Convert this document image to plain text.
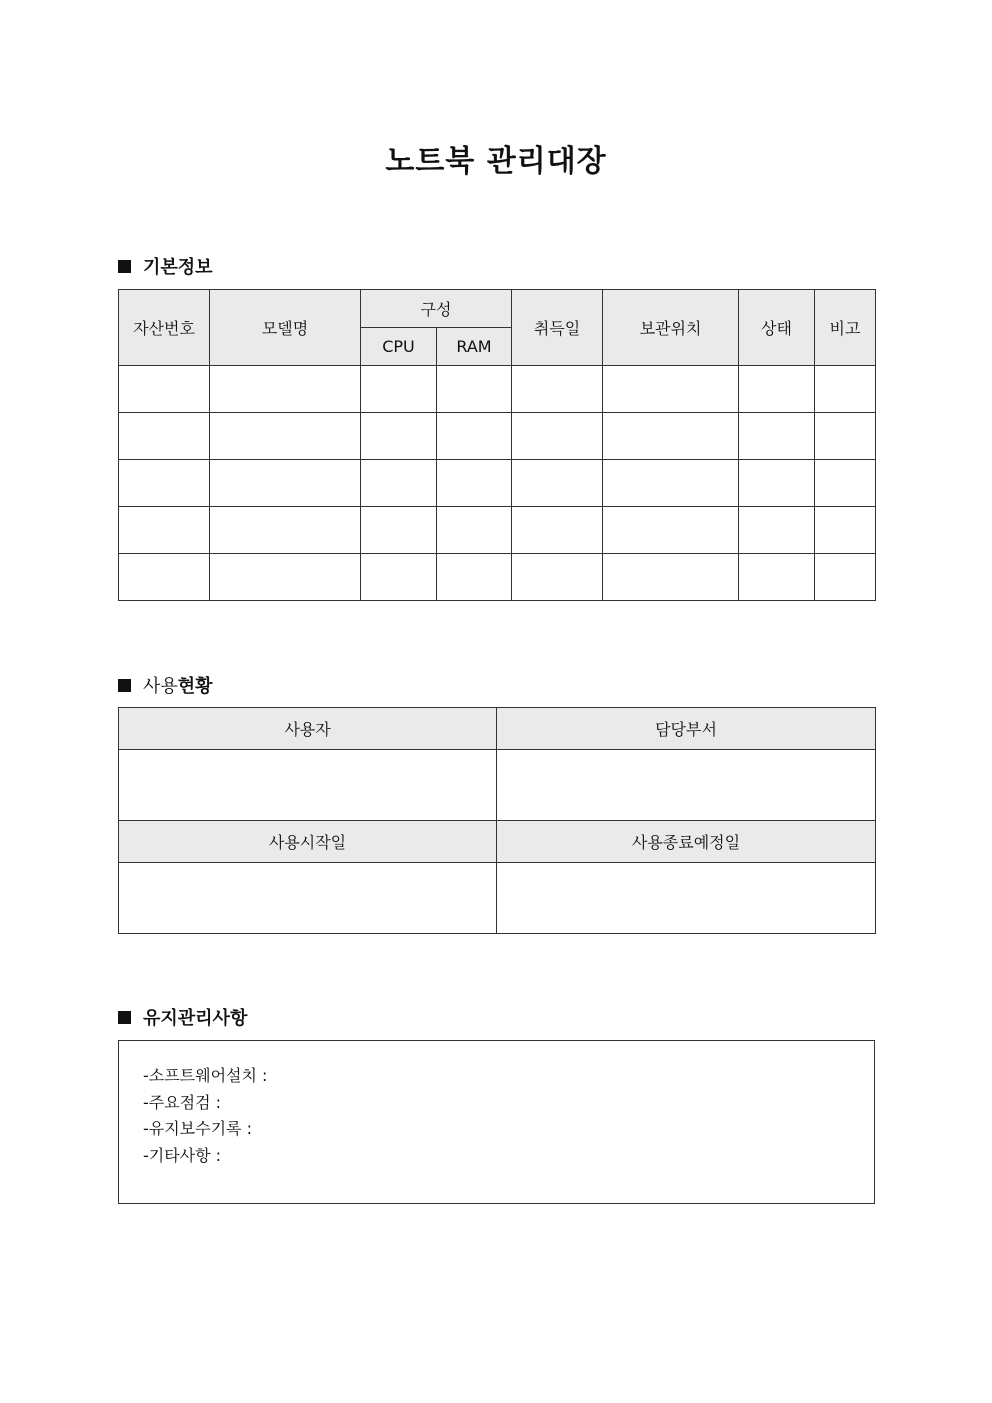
노트북 관리대장
기본정보
자산번호	모델명	구성		취득일	보관위치	상태	비고
		CPU	RAM				

사용 현황
사용자	담당부서

사용시작일	사용종료예정일

유지관리사항
-소프트웨어설치 :
-주요점검 :
-유지보수기록 :
-기타사항 :
